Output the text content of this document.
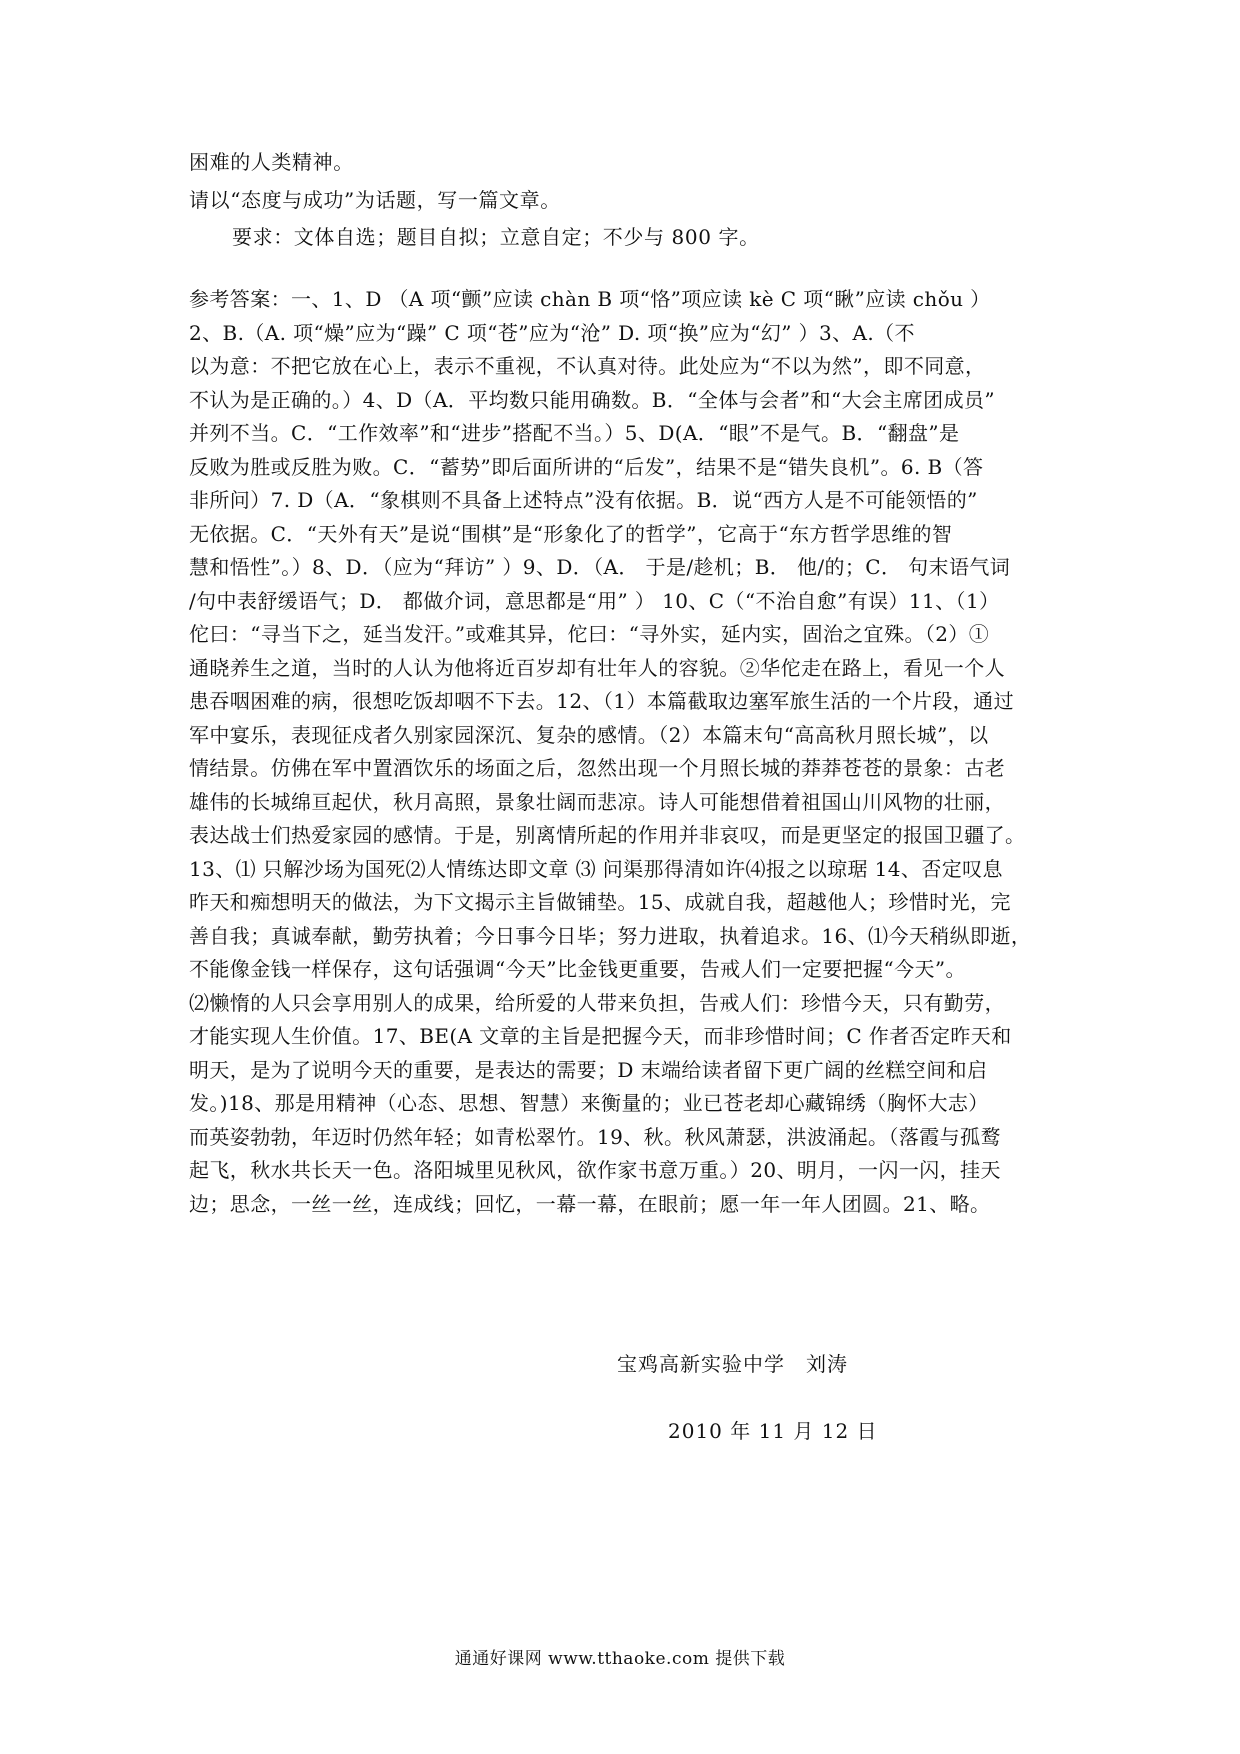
困难的人类精神。
请以“态度与成功”为话题，写一篇文章。
要求：文体自选；题目自拟；立意自定；不少与 800 字。
参考答案：一、1、D （A 项“颤”应读 chàn B 项“恪”项应读 kè C 项“瞅”应读 chǒu ）
2、B.（A. 项“燥”应为“躁” C 项“苍”应为“沧” D. 项“换”应为“幻” ）3、A.（不
以为意：不把它放在心上，表示不重视，不认真对待。此处应为“不以为然”，即不同意，
不认为是正确的。）4、D（A．平均数只能用确数。B．“全体与会者”和“大会主席团成员”
并列不当。C．“工作效率”和“进步”搭配不当。）5、D(A．“眼”不是气。B．“翻盘”是
反败为胜或反胜为败。C．“蓄势”即后面所讲的“后发”，结果不是“错失良机”。6. B（答
非所问）7. D（A．“象棋则不具备上述特点”没有依据。B．说“西方人是不可能领悟的”
无依据。C．“天外有天”是说“围棋”是“形象化了的哲学”，它高于“东方哲学思维的智
慧和悟性”。）8、D．（应为“拜访” ）9、D．（A． 于是/趁机；B． 他/的；C． 句末语气词
/句中表舒缓语气；D． 都做介词，意思都是“用” ） 10、C（“不治自愈”有误）11、（1）
佗曰：“寻当下之，延当发汗。”或难其异，佗曰：“寻外实，延内实，固治之宜殊。（2）①
通晓养生之道，当时的人认为他将近百岁却有壮年人的容貌。②华佗走在路上，看见一个人
患吞咽困难的病，很想吃饭却咽不下去。12、（1）本篇截取边塞军旅生活的一个片段，通过
军中宴乐，表现征戍者久别家园深沉、复杂的感情。（2）本篇末句“高高秋月照长城”，以
情结景。仿佛在军中置酒饮乐的场面之后，忽然出现一个月照长城的莽莽苍苍的景象：古老
雄伟的长城绵亘起伏，秋月高照，景象壮阔而悲凉。诗人可能想借着祖国山川风物的壮丽，
表达战士们热爱家园的感情。于是，别离情所起的作用并非哀叹，而是更坚定的报国卫疆了。
13、⑴ 只解沙场为国死⑵人情练达即文章 ⑶ 问渠那得清如许⑷报之以琼琚 14、否定叹息
昨天和痴想明天的做法，为下文揭示主旨做铺垫。15、成就自我，超越他人；珍惜时光，完
善自我；真诚奉献，勤劳执着；今日事今日毕；努力进取，执着追求。16、⑴今天稍纵即逝，
不能像金钱一样保存，这句话强调“今天”比金钱更重要，告戒人们一定要把握“今天”。
⑵懒惰的人只会享用别人的成果，给所爱的人带来负担，告戒人们：珍惜今天，只有勤劳，
才能实现人生价值。17、BE(A 文章的主旨是把握今天，而非珍惜时间；C 作者否定昨天和
明天，是为了说明今天的重要，是表达的需要；D 末端给读者留下更广阔的丝糕空间和启
发。)18、那是用精神（心态、思想、智慧）来衡量的；业已苍老却心藏锦绣（胸怀大志）
而英姿勃勃，年迈时仍然年轻；如青松翠竹。19、秋。秋风萧瑟，洪波涌起。（落霞与孤鹜
起飞，秋水共长天一色。洛阳城里见秋风，欲作家书意万重。）20、明月，一闪一闪，挂天
边；思念，一丝一丝，连成线；回忆，一幕一幕，在眼前；愿一年一年人团圆。21、略。
宝鸡高新实验中学　刘涛
2010 年 11 月 12 日
通通好课网 www.tthaoke.com 提供下载
